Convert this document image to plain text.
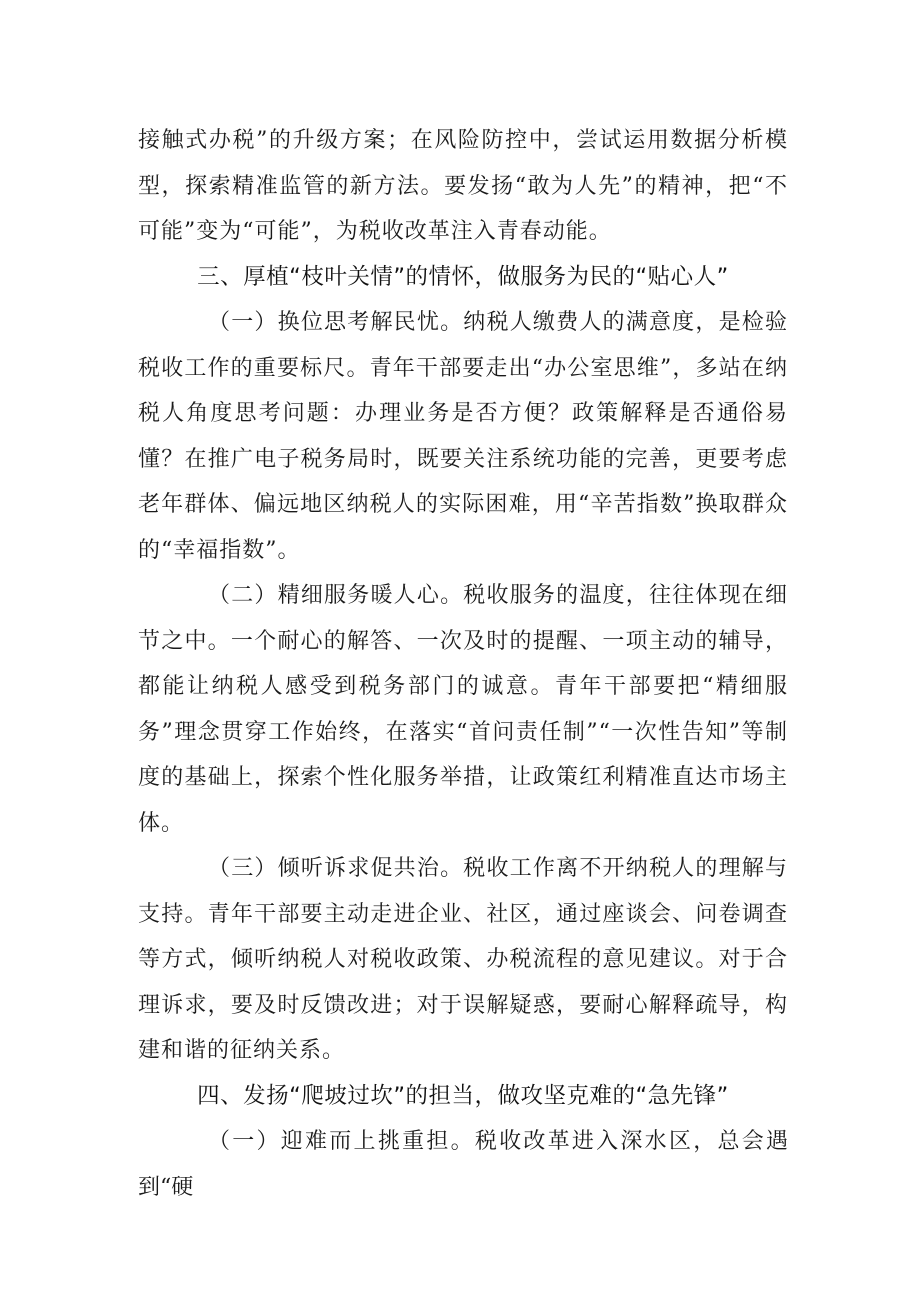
接触式办税”的升级方案；在风险防控中，尝试运用数据分析模型，探索精准监管的新方法。要发扬“敢为人先”的精神，把“不可能”变为“可能”，为税收改革注入青春动能。

三、厚植“枝叶关情”的情怀，做服务为民的“贴心人”

（一）换位思考解民忧。纳税人缴费人的满意度，是检验税收工作的重要标尺。青年干部要走出“办公室思维”，多站在纳税人角度思考问题：办理业务是否方便？政策解释是否通俗易懂？在推广电子税务局时，既要关注系统功能的完善，更要考虑老年群体、偏远地区纳税人的实际困难，用“辛苦指数”换取群众的“幸福指数”。

（二）精细服务暖人心。税收服务的温度，往往体现在细节之中。一个耐心的解答、一次及时的提醒、一项主动的辅导，都能让纳税人感受到税务部门的诚意。青年干部要把“精细服务”理念贯穿工作始终，在落实“首问责任制”“一次性告知”等制度的基础上，探索个性化服务举措，让政策红利精准直达市场主体。

（三）倾听诉求促共治。税收工作离不开纳税人的理解与支持。青年干部要主动走进企业、社区，通过座谈会、问卷调查等方式，倾听纳税人对税收政策、办税流程的意见建议。对于合理诉求，要及时反馈改进；对于误解疑惑，要耐心解释疏导，构建和谐的征纳关系。

四、发扬“爬坡过坎”的担当，做攻坚克难的“急先锋”

（一）迎难而上挑重担。税收改革进入深水区，总会遇到“硬
